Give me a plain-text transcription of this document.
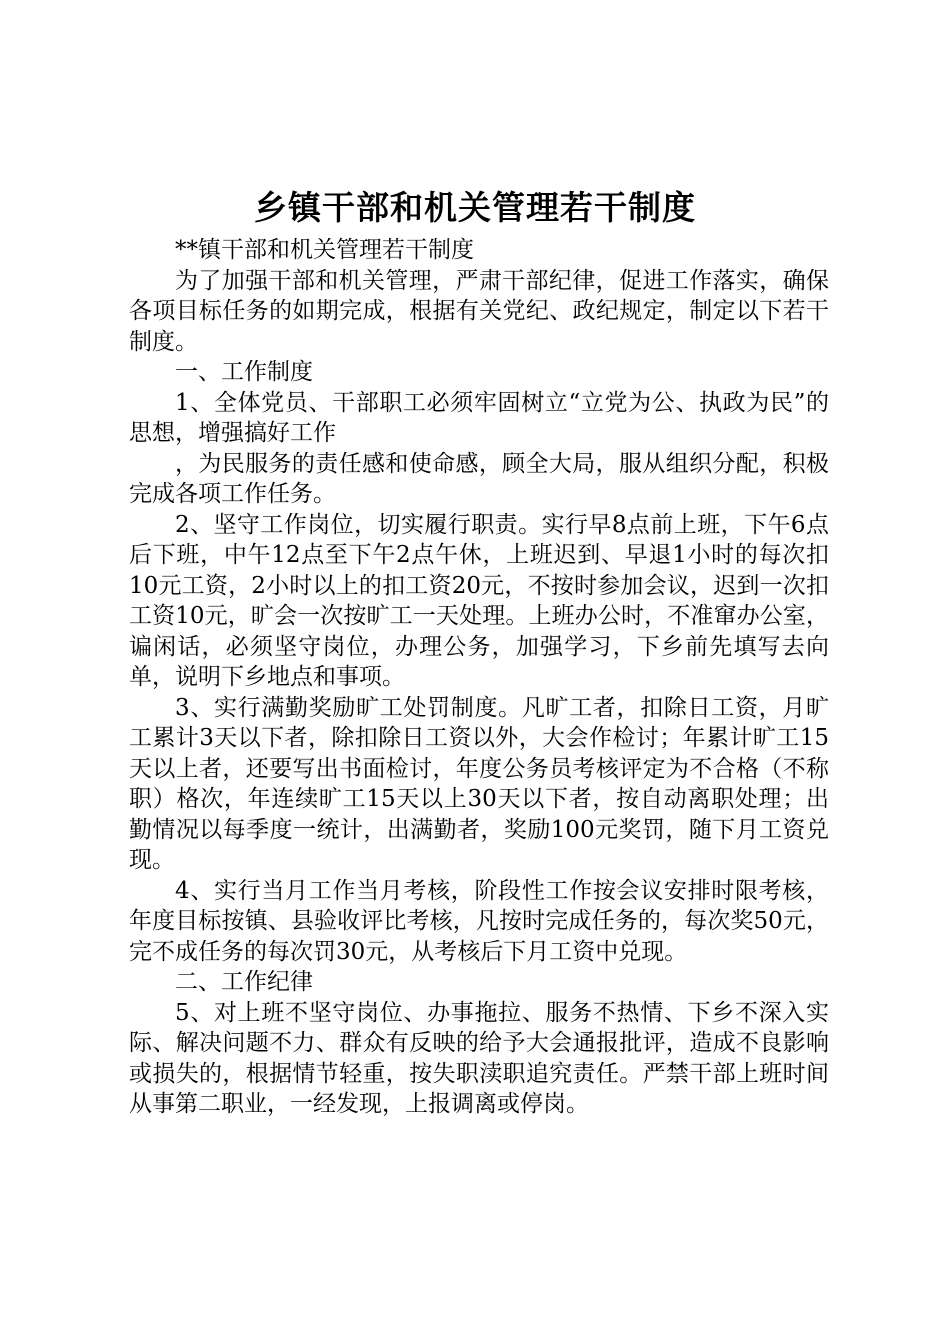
乡镇干部和机关管理若干制度

**镇干部和机关管理若干制度

为了加强干部和机关管理，严肃干部纪律，促进工作落实，确保各项目标任务的如期完成，根据有关党纪、政纪规定，制定以下若干制度。

一、工作制度

1、全体党员、干部职工必须牢固树立“立党为公、执政为民”的思想，增强搞好工作

，为民服务的责任感和使命感，顾全大局，服从组织分配，积极完成各项工作任务。

2、坚守工作岗位，切实履行职责。实行早8点前上班，下午6点后下班，中午12点至下午2点午休，上班迟到、早退1小时的每次扣10元工资，2小时以上的扣工资20元，不按时参加会议，迟到一次扣工资10元，旷会一次按旷工一天处理。上班办公时，不准窜办公室，谝闲话，必须坚守岗位，办理公务，加强学习，下乡前先填写去向单，说明下乡地点和事项。

3、实行满勤奖励旷工处罚制度。凡旷工者，扣除日工资，月旷工累计3天以下者，除扣除日工资以外，大会作检讨；年累计旷工15天以上者，还要写出书面检讨，年度公务员考核评定为不合格（不称职）格次，年连续旷工15天以上30天以下者，按自动离职处理；出勤情况以每季度一统计，出满勤者，奖励100元奖罚，随下月工资兑现。

4、实行当月工作当月考核，阶段性工作按会议安排时限考核，年度目标按镇、县验收评比考核，凡按时完成任务的，每次奖50元，完不成任务的每次罚30元，从考核后下月工资中兑现。

二、工作纪律

5、对上班不坚守岗位、办事拖拉、服务不热情、下乡不深入实际、解决问题不力、群众有反映的给予大会通报批评，造成不良影响或损失的，根据情节轻重，按失职渎职追究责任。严禁干部上班时间从事第二职业，一经发现，上报调离或停岗。
